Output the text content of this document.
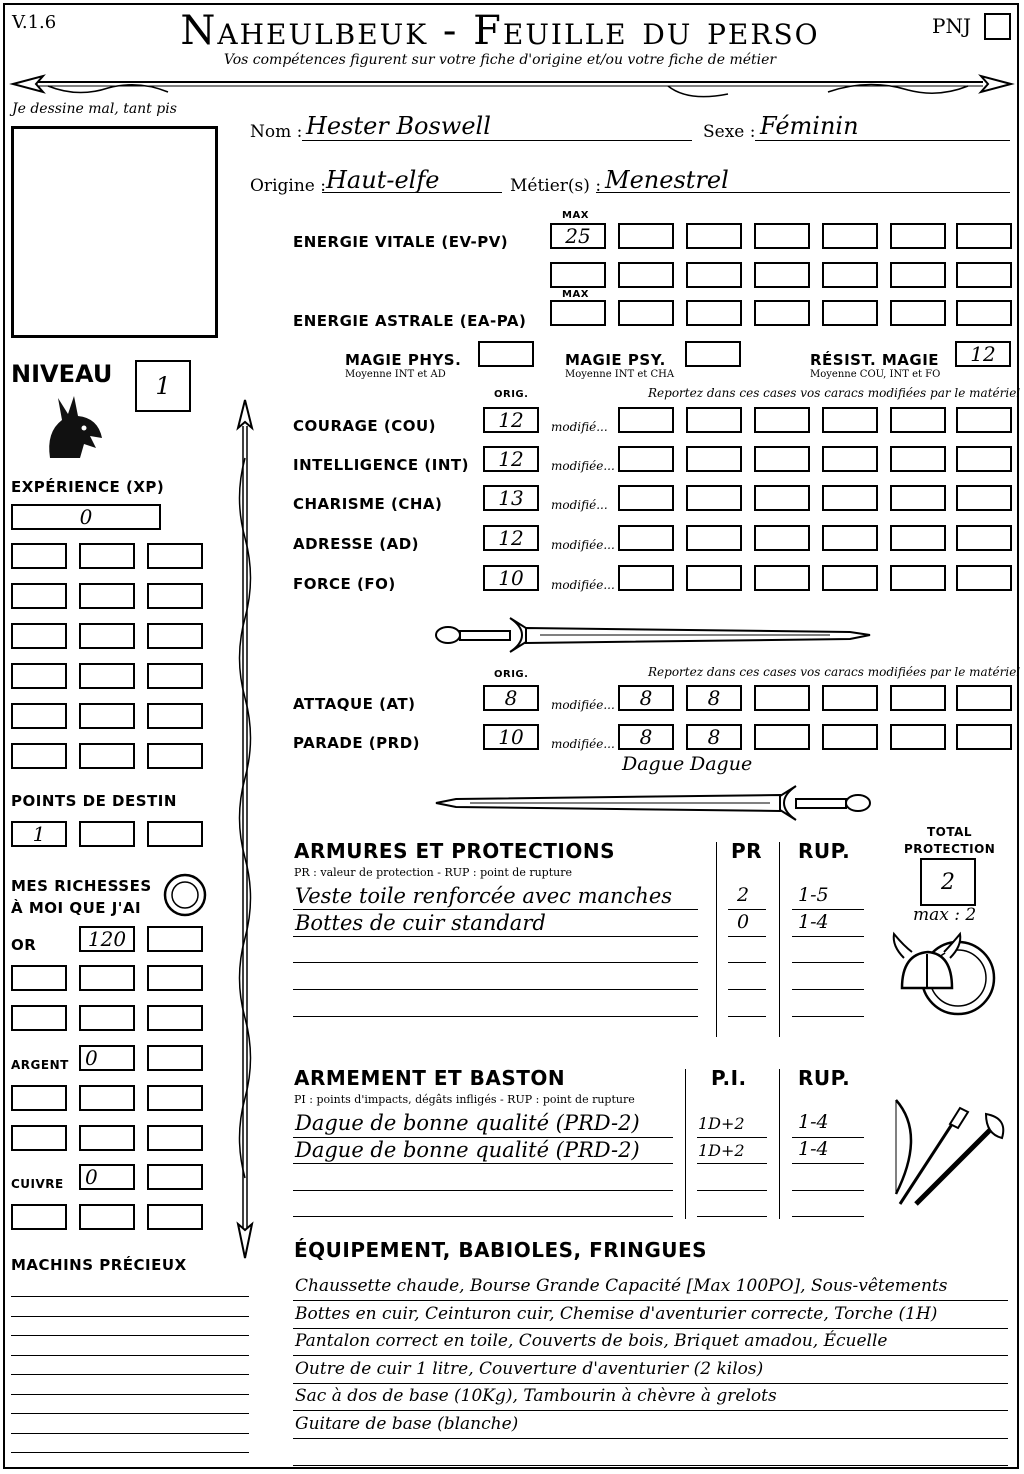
V.1.6	Naheulbeuk - Feuille du perso
Vos compétences figurent sur votre fiche d'origine et/ou votre fiche de métier
PNJ
Je dessine mal, tant pis
Nom : Hester Boswell	Sexe : Féminin
Origine : Haut-elfe	Métier(s) : Menestrel
MAX
ENERGIE VITALE (EV-PV)	25
MAX
ENERGIE ASTRALE (EA-PA)
MAGIE PHYS.
Moyenne INT et AD
MAGIE PSY.
Moyenne INT et CHA
RÉSIST. MAGIE
Moyenne COU, INT et FO
12
NIVEAU	1
EXPÉRIENCE (XP)
0
POINTS DE DESTIN
1
MES RICHESSES
À MOI QUE J'AI
OR	120
ARGENT 0
CUIVRE	0
MACHINS PRÉCIEUX
ORIG.	Reportez dans ces cases vos caracs modifiées par le matériel
ORIG.	Reportez dans ces cases vos caracs modifiées par le matériel
Dague Dague
ARMURES ET PROTECTIONS
PR : valeur de protection - RUP : point de rupture
PR RUP.
TOTAL
PROTECTION
2
max : 2
ARMEMENT ET BASTON
PI : points d'impacts, dégâts infligés - RUP : point de rupture
P.I.	RUP.
ÉQUIPEMENT, BABIOLES, FRINGUES
COURAGE (COU)	12	modifié...
INTELLIGENCE (INT)	12	modifiée...
CHARISME (CHA)	13	modifié...
ADRESSE (AD)	12	modifiée...
FORCE (FO)	10	modifiée...
ATTAQUE (AT)	8	modifiée...	8	8
PARADE (PRD)	10	modifiée...	8	8
Veste toile renforcée avec manches	2	1-5
Bottes de cuir standard	0	1-4
Dague de bonne qualité (PRD-2)	1D+2	1-4
Dague de bonne qualité (PRD-2)	1D+2	1-4
Chaussette chaude, Bourse Grande Capacité [Max 100PO], Sous-vêtements
Bottes en cuir, Ceinturon cuir, Chemise d'aventurier correcte, Torche (1H)
Pantalon correct en toile, Couverts de bois, Briquet amadou, Écuelle
Outre de cuir 1 litre, Couverture d'aventurier (2 kilos)
Sac à dos de base (10Kg), Tambourin à chèvre à grelots
Guitare de base (blanche)
